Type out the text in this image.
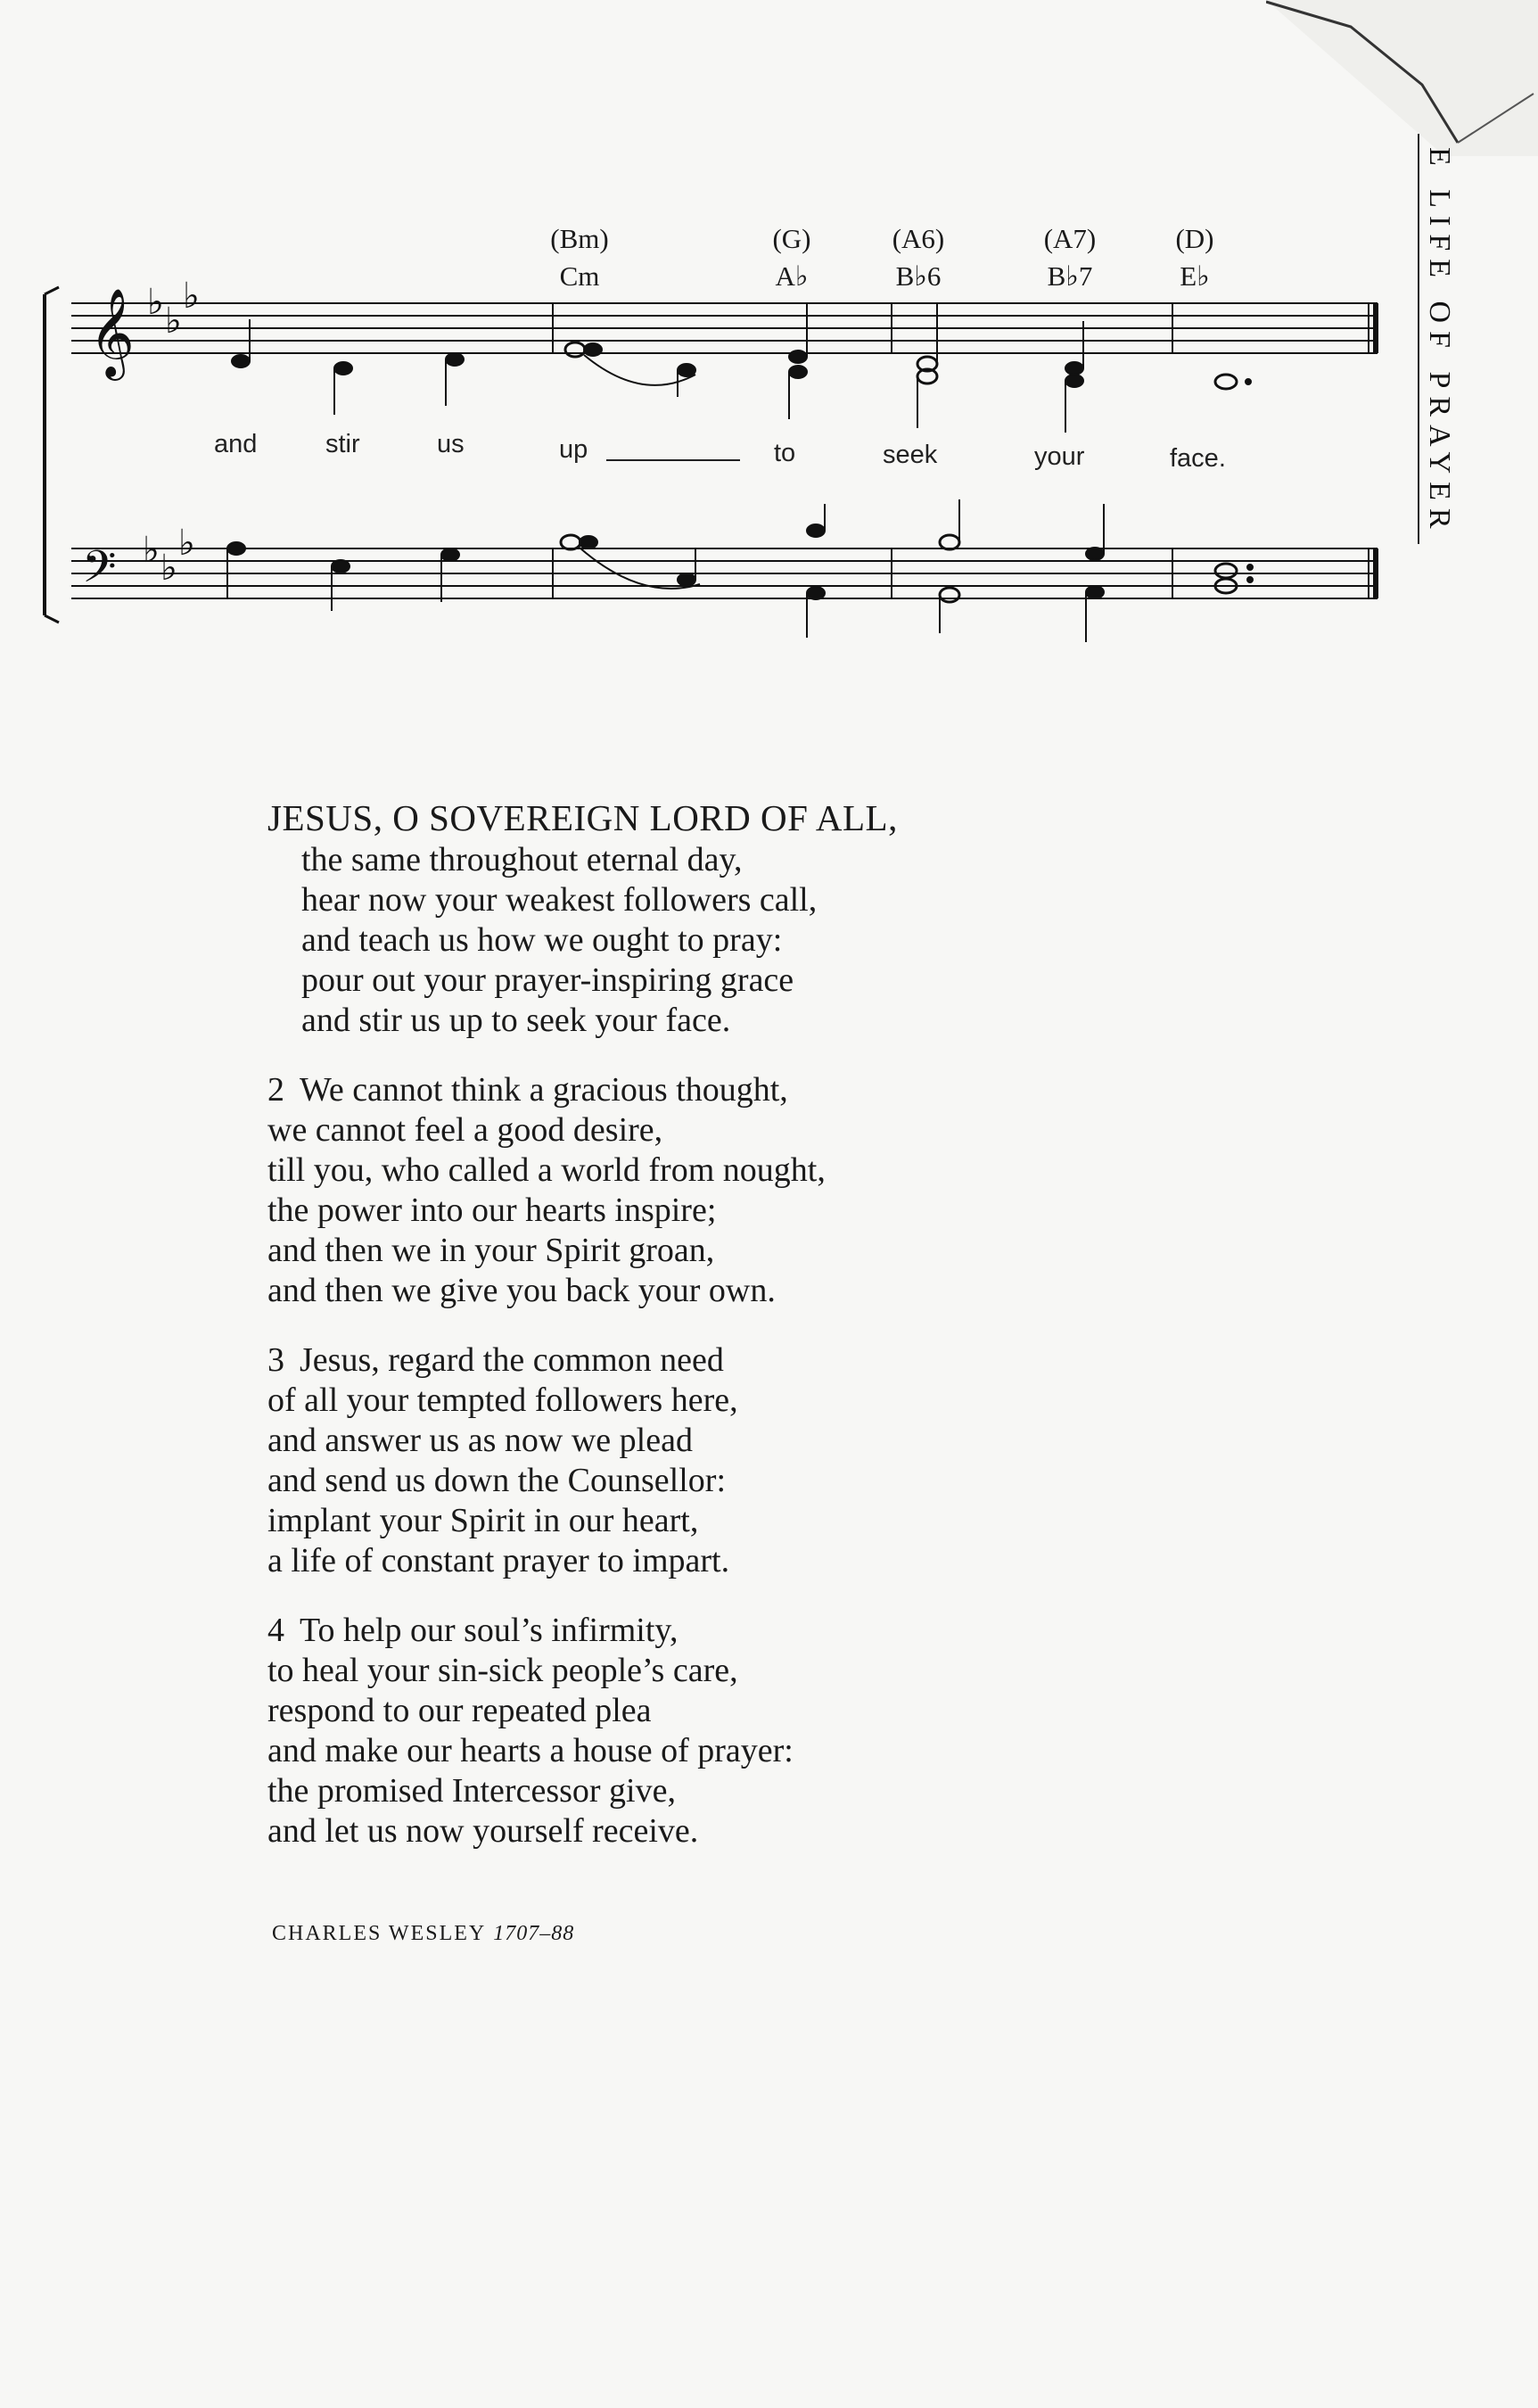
E LIFE OF PRAYER
(Bm)
Cm
(G)
A♭
(A6)
B♭6
(A7)
B♭7
(D)
E♭
𝄞
𝄢
♭ ♭
♭
♭ ♭
♭
and	stir	us	up	to	seek	your	face.
JESUS, O SOVEREIGN LORD OF ALL,
the same throughout eternal day,
hear now your weakest followers call,
and teach us how we ought to pray:
pour out your prayer-inspiring grace
and stir us up to seek your face.
2 We cannot think a gracious thought,
we cannot feel a good desire,
till you, who called a world from nought,
the power into our hearts inspire;
and then we in your Spirit groan,
and then we give you back your own.
3 Jesus, regard the common need
of all your tempted followers here,
and answer us as now we plead
and send us down the Counsellor:
implant your Spirit in our heart,
a life of constant prayer to impart.
4 To help our soul’s infirmity,
to heal your sin-sick people’s care,
respond to our repeated plea
and make our hearts a house of prayer:
the promised Intercessor give,
and let us now yourself receive.
CHARLES WESLEY 1707–88
